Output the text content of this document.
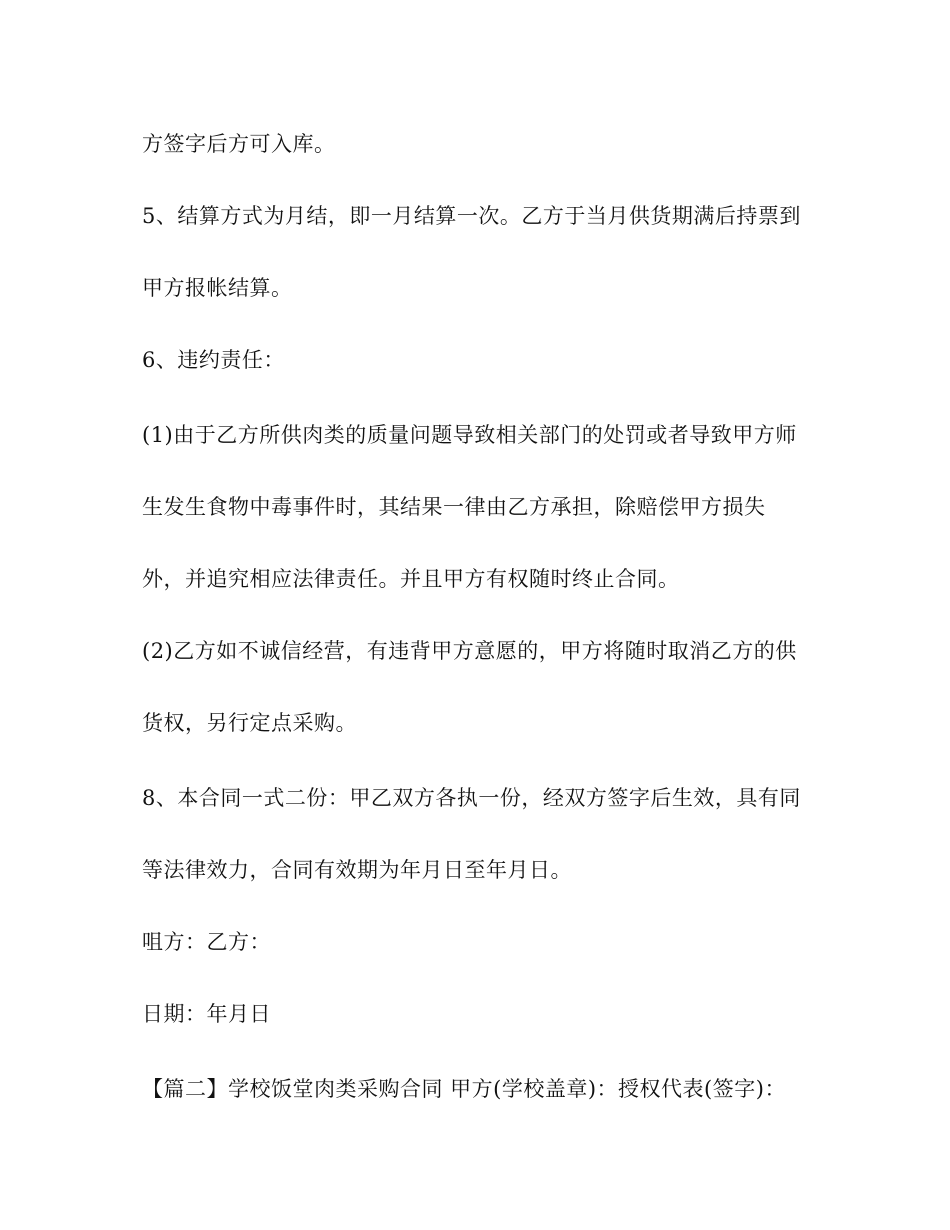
方签字后方可入库。
5、结算方式为月结，即一月结算一次。乙方于当月供货期满后持票到
甲方报帐结算。
6、违约责任：
(1)由于乙方所供肉类的质量问题导致相关部门的处罚或者导致甲方师
生发生食物中毒事件时，其结果一律由乙方承担，除赔偿甲方损失
外，并追究相应法律责任。并且甲方有权随时终止合同。
(2)乙方如不诚信经营，有违背甲方意愿的，甲方将随时取消乙方的供
货权，另行定点采购。
8、本合同一式二份：甲乙双方各执一份，经双方签字后生效，具有同
等法律效力，合同有效期为年月日至年月日。
咀方：乙方：
日期：年月日
【篇二】学校饭堂肉类采购合同 甲方(学校盖章)：授权代表(签字)：
